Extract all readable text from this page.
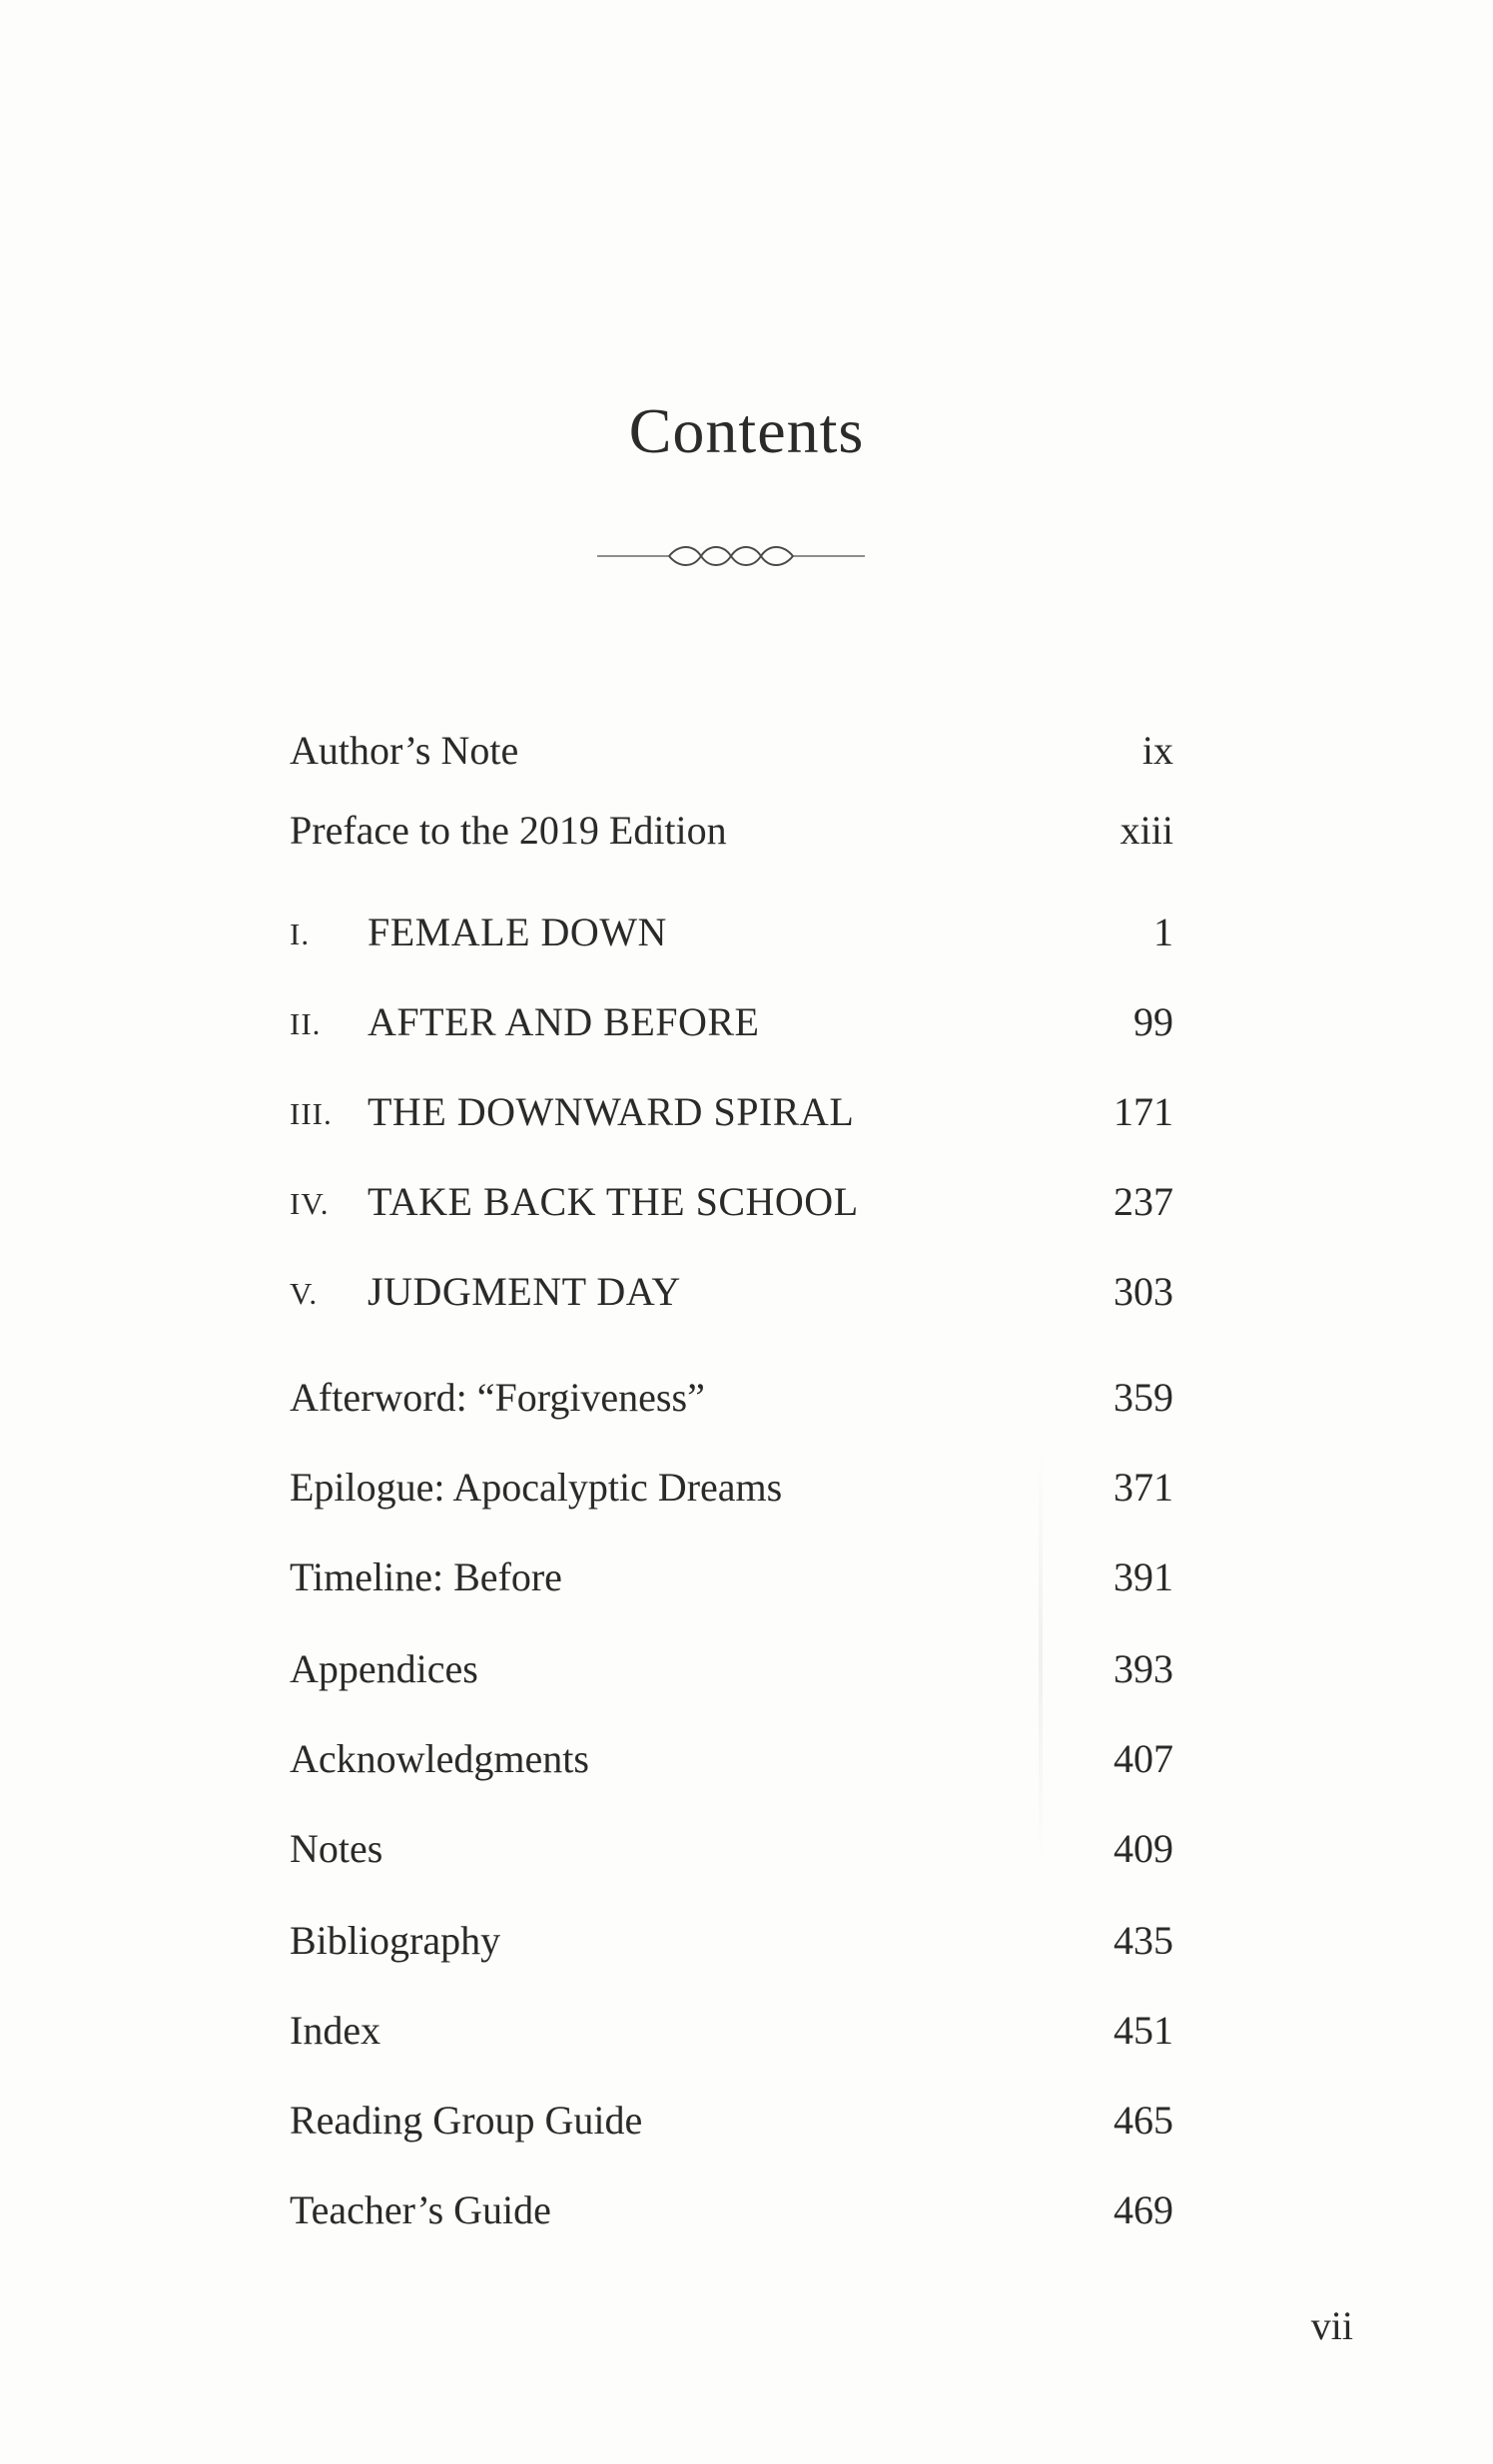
Contents
Author’s Note	ix
Preface to the 2019 Edition	xiii
I. FEMALE DOWN	1
II. AFTER AND BEFORE	99
III. THE DOWNWARD SPIRAL	171
IV. TAKE BACK THE SCHOOL	237
V. JUDGMENT DAY	303
Afterword: “Forgiveness”	359
Epilogue: Apocalyptic Dreams	371
Timeline: Before	391
Appendices	393
Acknowledgments	407
Notes	409
Bibliography	435
Index	451
Reading Group Guide	465
Teacher’s Guide	469
vii
